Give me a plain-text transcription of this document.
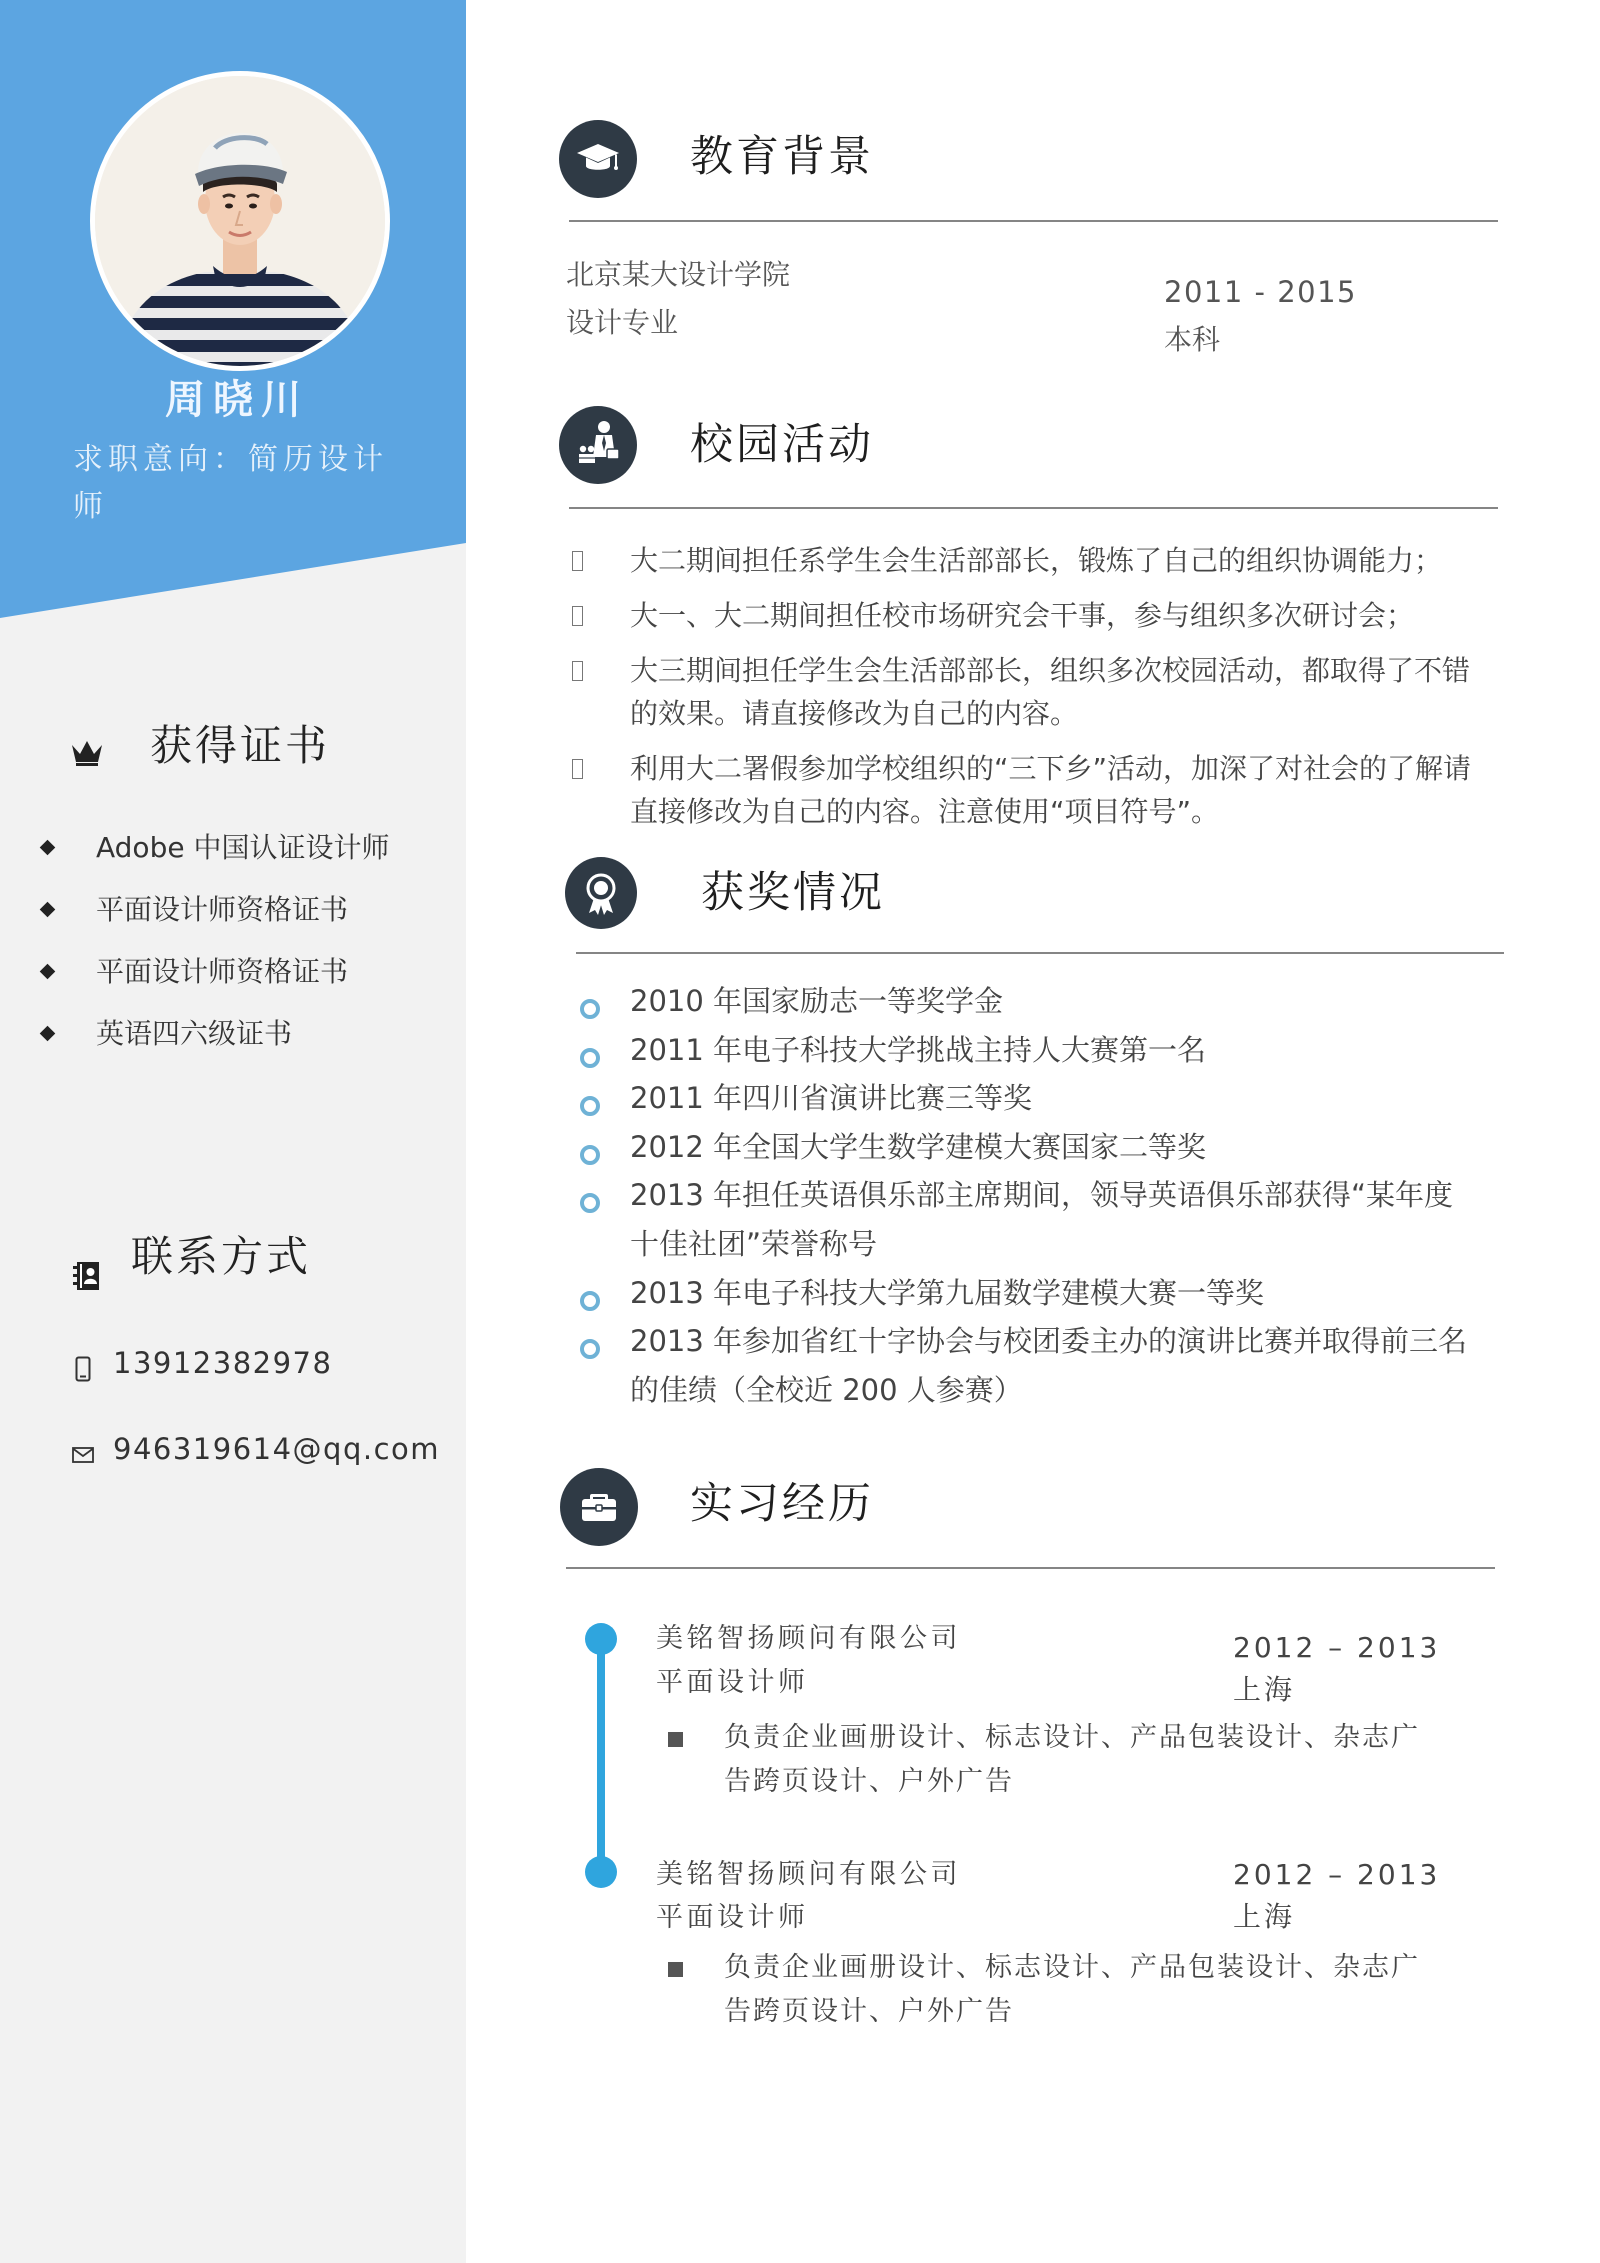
周晓川
求职意向：简历设计师
获得证书
Adobe 中国认证设计师
平面设计师资格证书
平面设计师资格证书
英语四六级证书
联系方式
13912382978
946319614@qq.com
教育背景
北京某大设计学院
设计专业
2011 - 2015
本科
校园活动
大二期间担任系学生会生活部部长，锻炼了自己的组织协调能力；
大一、大二期间担任校市场研究会干事，参与组织多次研讨会；
大三期间担任学生会生活部部长，组织多次校园活动，都取得了不错的效果。请直接修改为自己的内容。
利用大二署假参加学校组织的“三下乡”活动，加深了对社会的了解请直接修改为自己的内容。注意使用“项目符号”。
获奖情况
2010 年国家励志一等奖学金
2011 年电子科技大学挑战主持人大赛第一名
2011 年四川省演讲比赛三等奖
2012 年全国大学生数学建模大赛国家二等奖
2013 年担任英语俱乐部主席期间，领导英语俱乐部获得“某年度十佳社团”荣誉称号
2013 年电子科技大学第九届数学建模大赛一等奖
2013 年参加省红十字协会与校团委主办的演讲比赛并取得前三名的佳绩（全校近 200 人参赛）
实习经历
美铭智扬顾问有限公司
平面设计师
2012 – 2013
上海
负责企业画册设计、标志设计、产品包装设计、杂志广告跨页设计、户外广告
美铭智扬顾问有限公司
平面设计师
2012 – 2013
上海
负责企业画册设计、标志设计、产品包装设计、杂志广告跨页设计、户外广告
